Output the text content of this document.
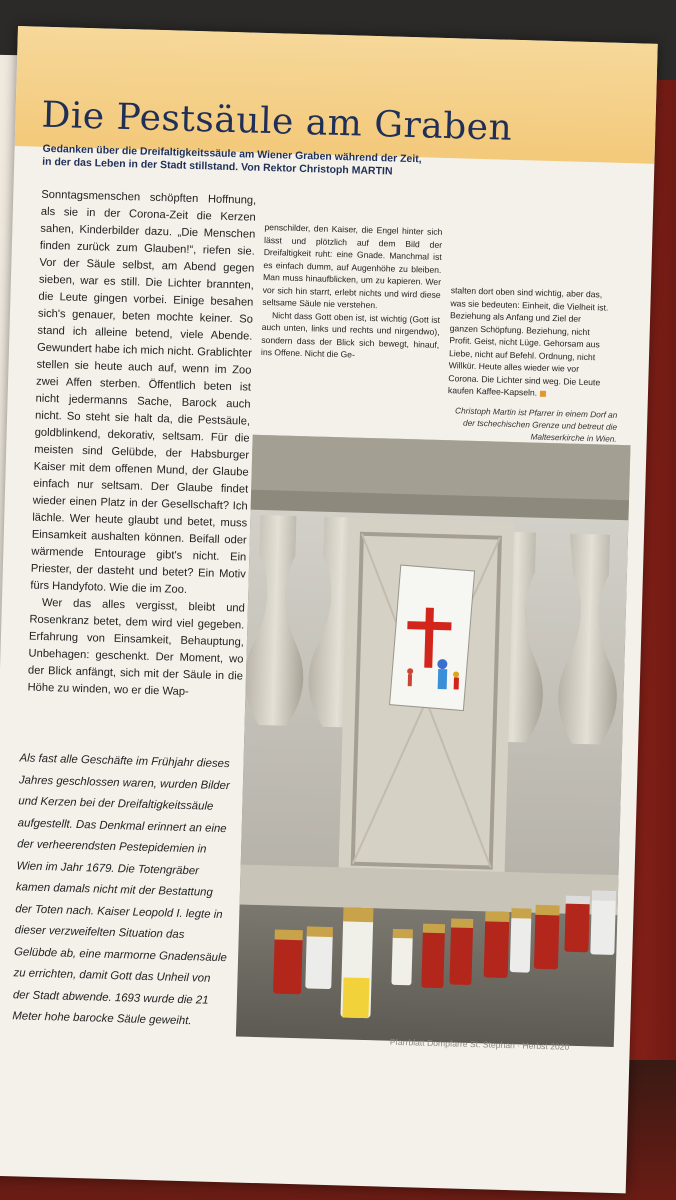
Die Pestsäule am Graben

Gedanken über die Dreifaltigkeitssäule am Wiener Graben während der Zeit, in der das Leben in der Stadt stillstand. Von Rektor Christoph MARTIN

Sonntagsmenschen schöpften Hoffnung, als sie in der Corona-Zeit die Kerzen sahen, Kinderbilder dazu. „Die Menschen finden zurück zum Glauben!“, riefen sie. Vor der Säule selbst, am Abend gegen sieben, war es still. Die Lichter brannten, die Leute gingen vorbei. Einige besahen sich's genauer, beten mochte keiner. So stand ich alleine betend, viele Abende. Gewundert habe ich mich nicht. Grablichter stellen sie heute auch auf, wenn im Zoo zwei Affen sterben. Öffentlich beten ist nicht jedermanns Sache, Barock auch nicht. So steht sie halt da, die Pestsäule, goldblinkend, dekorativ, seltsam. Für die meisten sind Gelübde, der Habsburger Kaiser mit dem offenen Mund, der Glaube einfach nur seltsam. Der Glaube findet wieder einen Platz in der Gesellschaft? Ich lächle. Wer heute glaubt und betet, muss Einsamkeit aushalten können. Beifall oder wärmende Entourage gibt's nicht. Ein Priester, der dasteht und betet? Ein Motiv fürs Handyfoto. Wie die im Zoo.

Wer das alles vergisst, bleibt und Rosenkranz betet, dem wird viel gegeben. Erfahrung von Einsamkeit, Behauptung, Unbehagen: geschenkt. Der Moment, wo der Blick anfängt, sich mit der Säule in die Höhe zu winden, wo er die Wap-

penschilder, den Kaiser, die Engel hinter sich lässt und plötzlich auf dem Bild der Dreifaltigkeit ruht: eine Gnade. Manchmal ist es einfach dumm, auf Augenhöhe zu bleiben. Man muss hinaufblicken, um zu kapieren. Wer vor sich hin starrt, erlebt nichts und wird diese seltsame Säule nie verstehen.

Nicht dass Gott oben ist, ist wichtig (Gott ist auch unten, links und rechts und nirgendwo), sondern dass der Blick sich bewegt, hinauf, ins Offene. Nicht die Ge-

stalten dort oben sind wichtig, aber das, was sie bedeuten: Einheit, die Vielheit ist. Beziehung als Anfang und Ziel der ganzen Schöpfung. Beziehung, nicht Profit. Geist, nicht Lüge. Gehorsam aus Liebe, nicht auf Befehl. Ordnung, nicht Willkür. Heute alles wieder wie vor Corona. Die Lichter sind weg. Die Leute kaufen Kaffee-Kapseln.

Christoph Martin ist Pfarrer in einem Dorf an der tschechischen Grenze und betreut die Malteserkirche in Wien.

Als fast alle Geschäfte im Frühjahr dieses Jahres geschlossen waren, wurden Bilder und Kerzen bei der Dreifaltigkeitssäule aufgestellt. Das Denkmal erinnert an eine der verheerendsten Pestepidemien in Wien im Jahr 1679. Die Totengräber kamen damals nicht mit der Bestattung der Toten nach. Kaiser Leopold I. legte in dieser verzweifelten Situation das Gelübde ab, eine marmorne Gnadensäule zu errichten, damit Gott das Unheil von der Stadt abwende. 1693 wurde die 21 Meter hohe barocke Säule geweiht.

Pfarrblatt Dompfarre St. Stephan · Herbst 2020
